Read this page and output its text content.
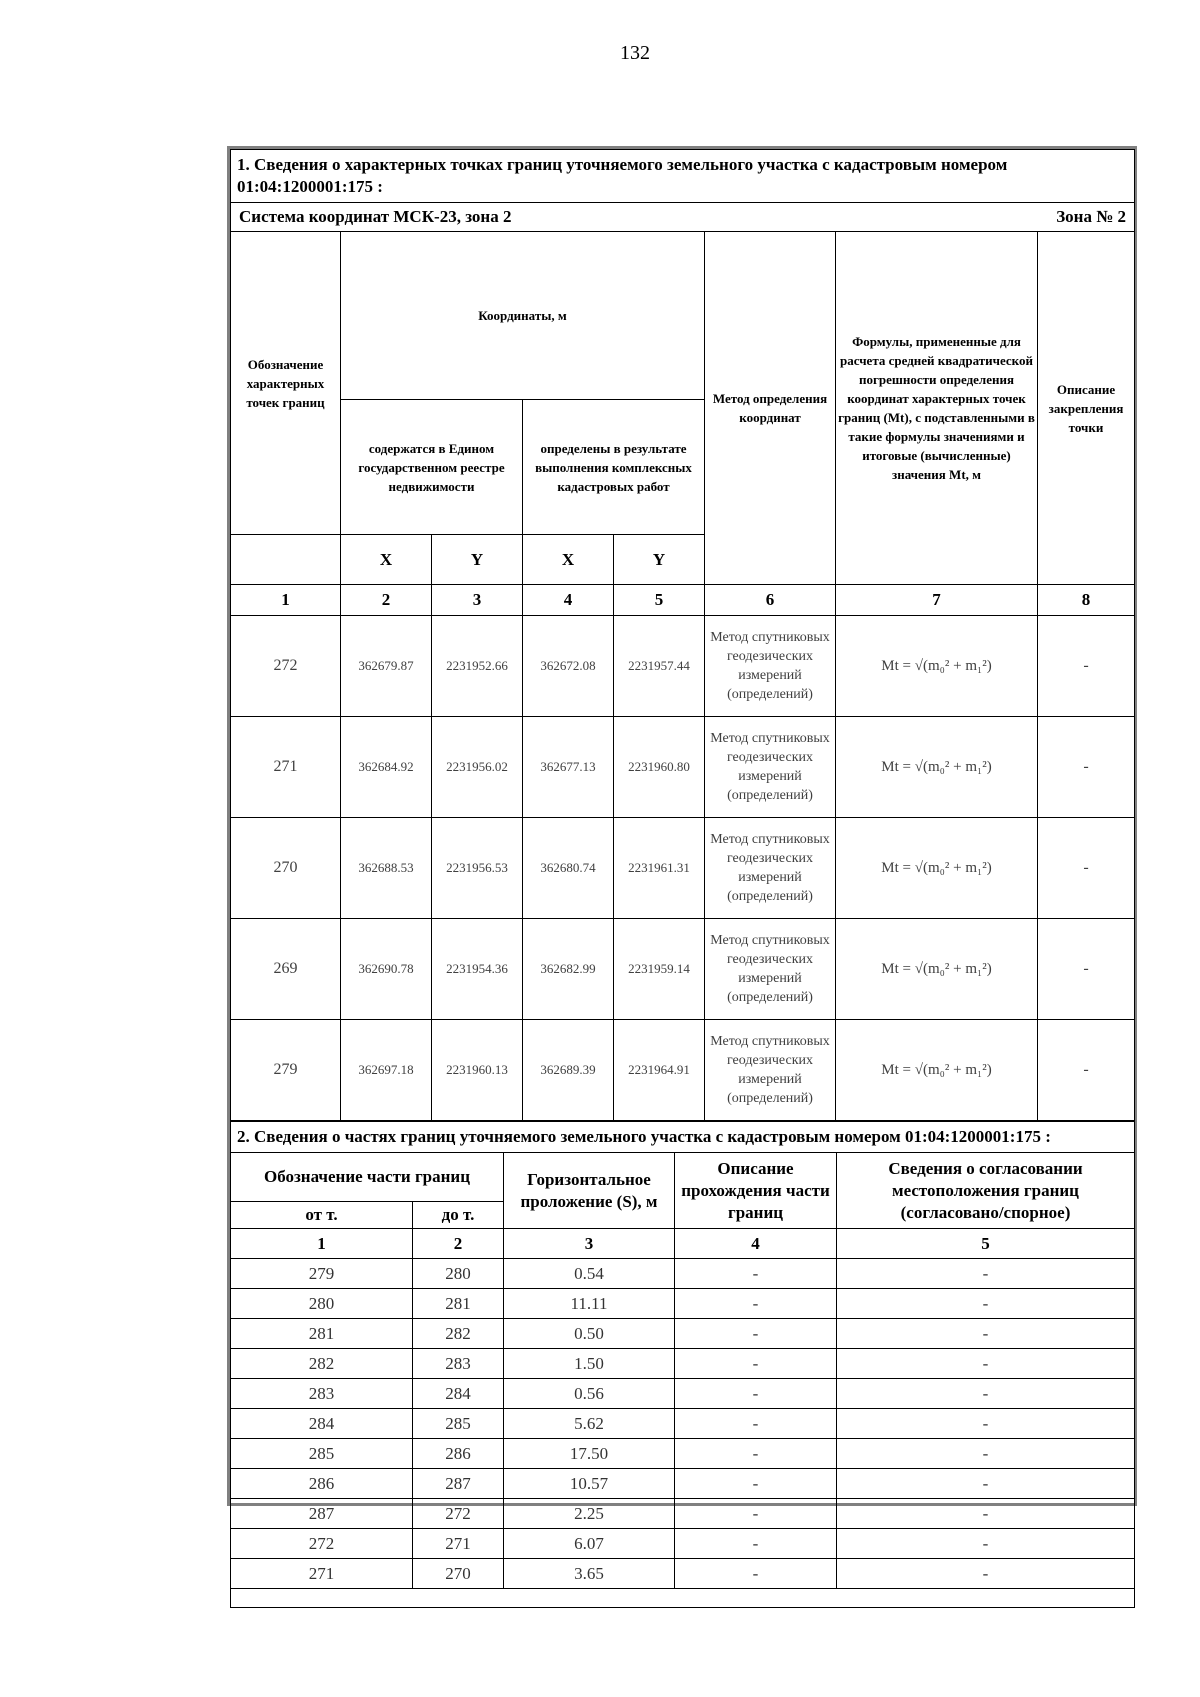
132
1. Сведения о характерных точках границ уточняемого земельного участка с кадастровым номером 01:04:1200001:175 :							

Система координат МСК-23, зона 2 Зона № 2							

Обозначение характерных точек границ	Координаты, м				Метод определения координат	Формулы, примененные для расчета средней квадратической погрешности определения координат характерных точек границ (Mt), с подставленными в такие формулы значениями и итоговые (вычисленные) значения Mt, м	Описание закрепления точки
	содержатся в Едином государственном реестре недвижимости		определены в результате выполнения комплексных кадастровых работ				
	X	Y	X	Y			
1	2	3	4	5	6	7	8
272	362679.87	2231952.66	362672.08	2231957.44	Метод спутниковых геодезических измерений (определений)	Mt = √(m₀² + m₁²)	-
271	362684.92	2231956.02	362677.13	2231960.80	Метод спутниковых геодезических измерений (определений)	Mt = √(m₀² + m₁²)	-
270	362688.53	2231956.53	362680.74	2231961.31	Метод спутниковых геодезических измерений (определений)	Mt = √(m₀² + m₁²)	-
269	362690.78	2231954.36	362682.99	2231959.14	Метод спутниковых геодезических измерений (определений)	Mt = √(m₀² + m₁²)	-
279	362697.18	2231960.13	362689.39	2231964.91	Метод спутниковых геодезических измерений (определений)	Mt = √(m₀² + m₁²)	-
2. Сведения о частях границ уточняемого земельного участка с кадастровым номером 01:04:1200001:175 :				
Обозначение части границ		Горизонтальное проложение (S), м	Описание прохождения части границ	Сведения о согласовании местоположения границ (согласовано/спорное)
от т.	до т.			
1	2	3	4	5
279	280	0.54	-	-
280	281	11.11	-	-
281	282	0.50	-	-
282	283	1.50	-	-
283	284	0.56	-	-
284	285	5.62	-	-
285	286	17.50	-	-
286	287	10.57	-	-
287	272	2.25	-	-
272	271	6.07	-	-
271	270	3.65	-	-
